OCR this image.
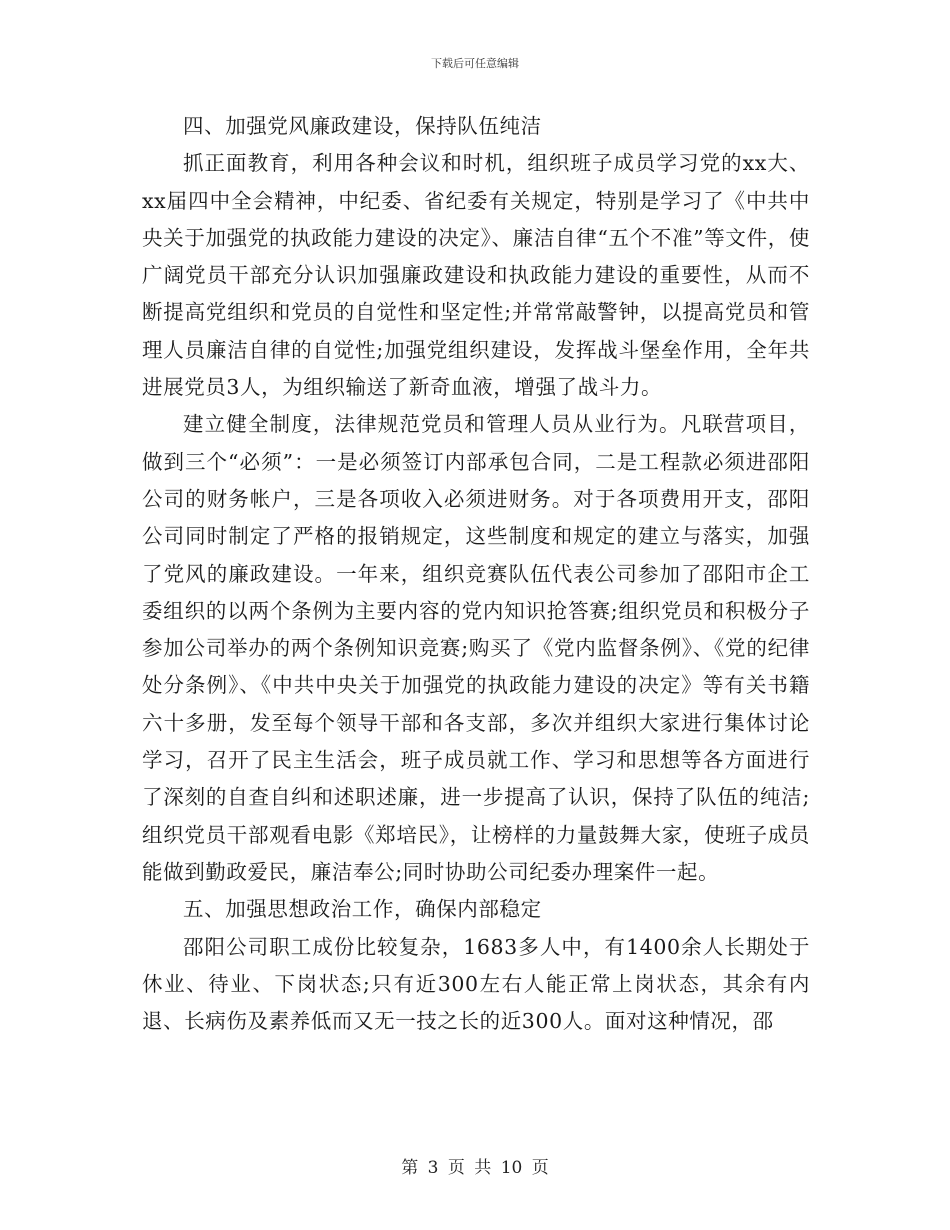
下载后可任意编辑

四、加强党风廉政建设，保持队伍纯洁

抓正面教育，利用各种会议和时机，组织班子成员学习党的xx大、xx届四中全会精神，中纪委、省纪委有关规定，特别是学习了《中共中央关于加强党的执政能力建设的决定》、廉洁自律“五个不准”等文件，使广阔党员干部充分认识加强廉政建设和执政能力建设的重要性，从而不断提高党组织和党员的自觉性和坚定性;并常常敲警钟，以提高党员和管理人员廉洁自律的自觉性;加强党组织建设，发挥战斗堡垒作用，全年共进展党员3人，为组织输送了新奇血液，增强了战斗力。

建立健全制度，法律规范党员和管理人员从业行为。凡联营项目，做到三个“必须”：一是必须签订内部承包合同，二是工程款必须进邵阳公司的财务帐户，三是各项收入必须进财务。对于各项费用开支，邵阳公司同时制定了严格的报销规定，这些制度和规定的建立与落实，加强了党风的廉政建设。一年来，组织竞赛队伍代表公司参加了邵阳市企工委组织的以两个条例为主要内容的党内知识抢答赛;组织党员和积极分子参加公司举办的两个条例知识竞赛;购买了《党内监督条例》、《党的纪律处分条例》、《中共中央关于加强党的执政能力建设的决定》等有关书籍六十多册，发至每个领导干部和各支部，多次并组织大家进行集体讨论学习，召开了民主生活会，班子成员就工作、学习和思想等各方面进行了深刻的自查自纠和述职述廉，进一步提高了认识，保持了队伍的纯洁;组织党员干部观看电影《郑培民》，让榜样的力量鼓舞大家，使班子成员能做到勤政爱民，廉洁奉公;同时协助公司纪委办理案件一起。

五、加强思想政治工作，确保内部稳定

邵阳公司职工成份比较复杂，1683多人中，有1400余人长期处于休业、待业、下岗状态;只有近300左右人能正常上岗状态，其余有内退、长病伤及素养低而又无一技之长的近300人。面对这种情况，邵

第 3 页 共 10 页
